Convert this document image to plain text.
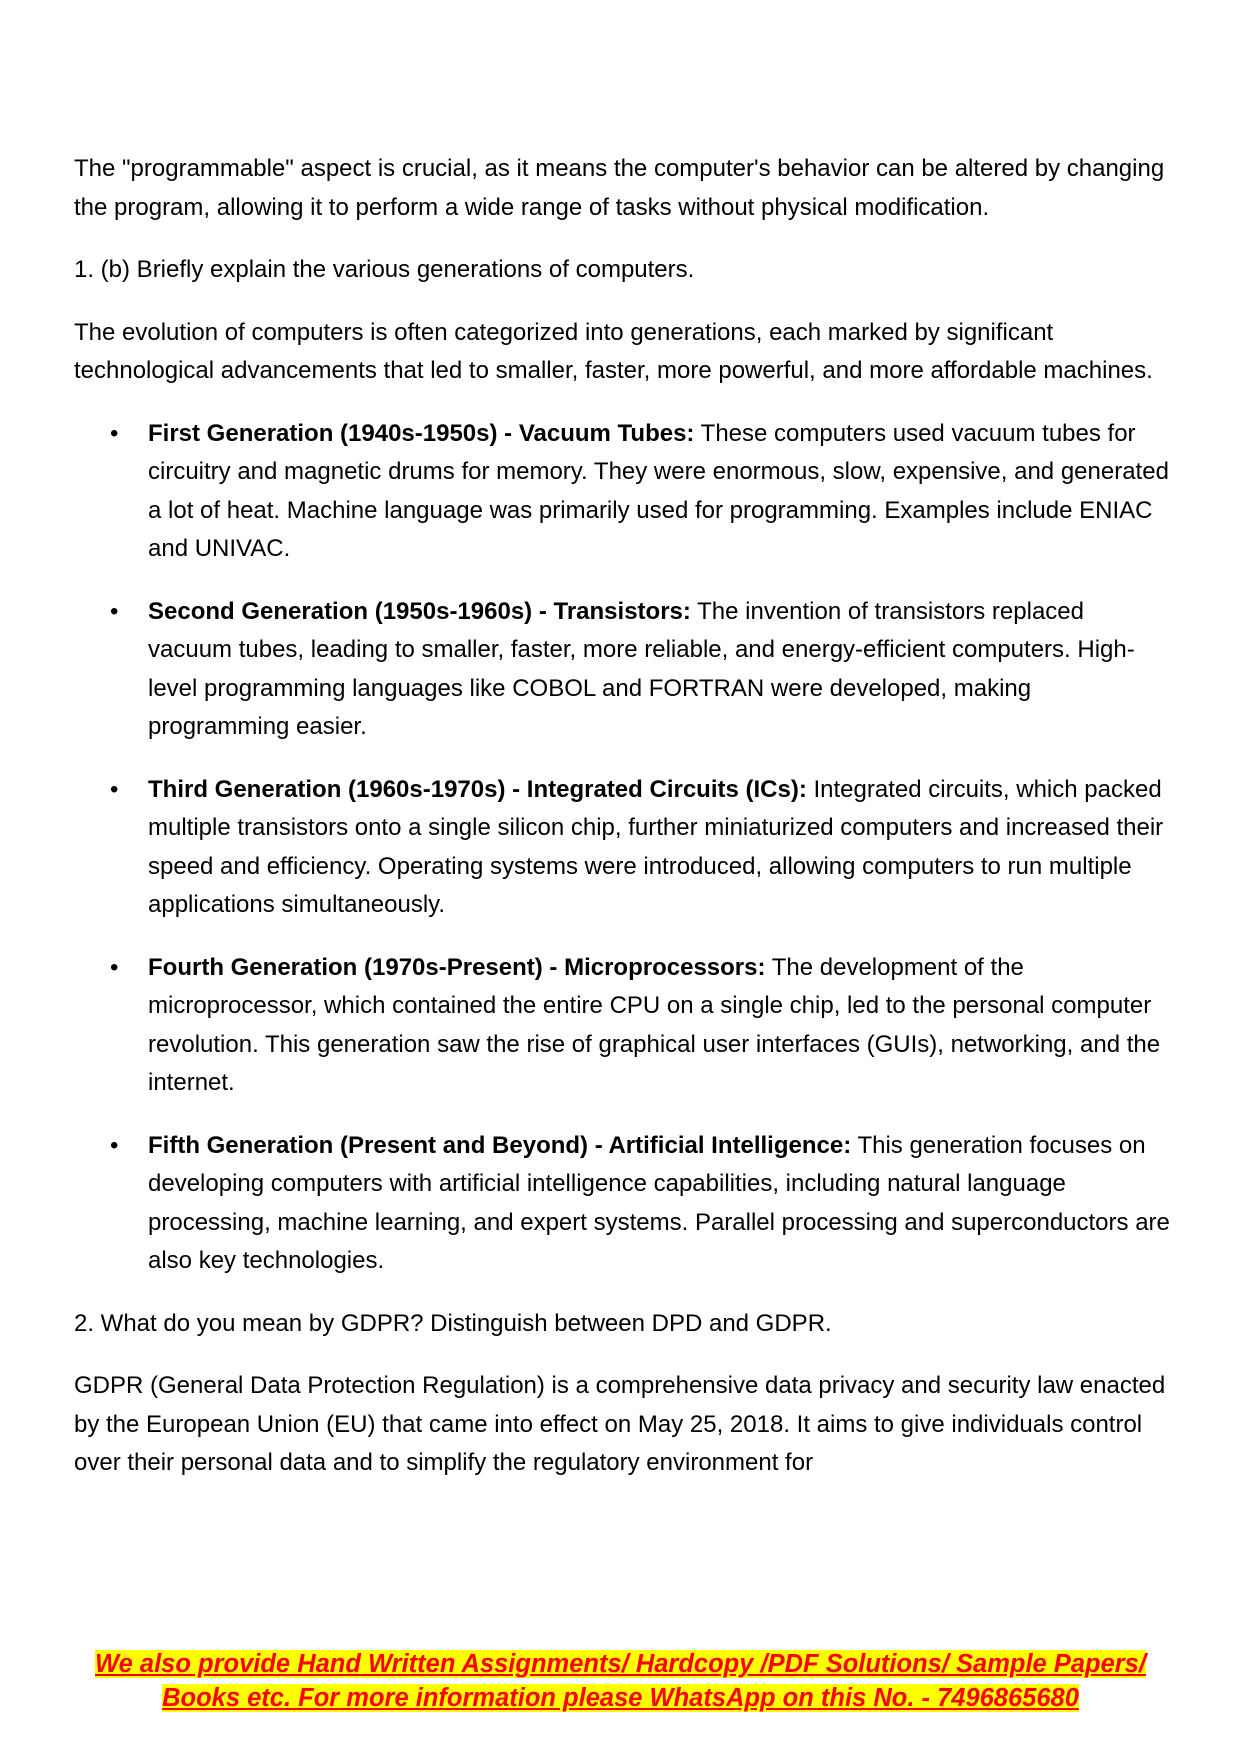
The "programmable" aspect is crucial, as it means the computer's behavior can be altered by changing the program, allowing it to perform a wide range of tasks without physical modification.

1. (b) Briefly explain the various generations of computers.

The evolution of computers is often categorized into generations, each marked by significant technological advancements that led to smaller, faster, more powerful, and more affordable machines.

• First Generation (1940s-1950s) - Vacuum Tubes: These computers used vacuum tubes for circuitry and magnetic drums for memory. They were enormous, slow, expensive, and generated a lot of heat. Machine language was primarily used for programming. Examples include ENIAC and UNIVAC.
• Second Generation (1950s-1960s) - Transistors: The invention of transistors replaced vacuum tubes, leading to smaller, faster, more reliable, and energy-efficient computers. High-level programming languages like COBOL and FORTRAN were developed, making programming easier.
• Third Generation (1960s-1970s) - Integrated Circuits (ICs): Integrated circuits, which packed multiple transistors onto a single silicon chip, further miniaturized computers and increased their speed and efficiency. Operating systems were introduced, allowing computers to run multiple applications simultaneously.
• Fourth Generation (1970s-Present) - Microprocessors: The development of the microprocessor, which contained the entire CPU on a single chip, led to the personal computer revolution. This generation saw the rise of graphical user interfaces (GUIs), networking, and the internet.
• Fifth Generation (Present and Beyond) - Artificial Intelligence: This generation focuses on developing computers with artificial intelligence capabilities, including natural language processing, machine learning, and expert systems. Parallel processing and superconductors are also key technologies.

2. What do you mean by GDPR? Distinguish between DPD and GDPR.

GDPR (General Data Protection Regulation) is a comprehensive data privacy and security law enacted by the European Union (EU) that came into effect on May 25, 2018. It aims to give individuals control over their personal data and to simplify the regulatory environment for

We also provide Hand Written Assignments/ Hardcopy /PDF Solutions/ Sample Papers/
Books etc. For more information please WhatsApp on this No. - 7496865680
